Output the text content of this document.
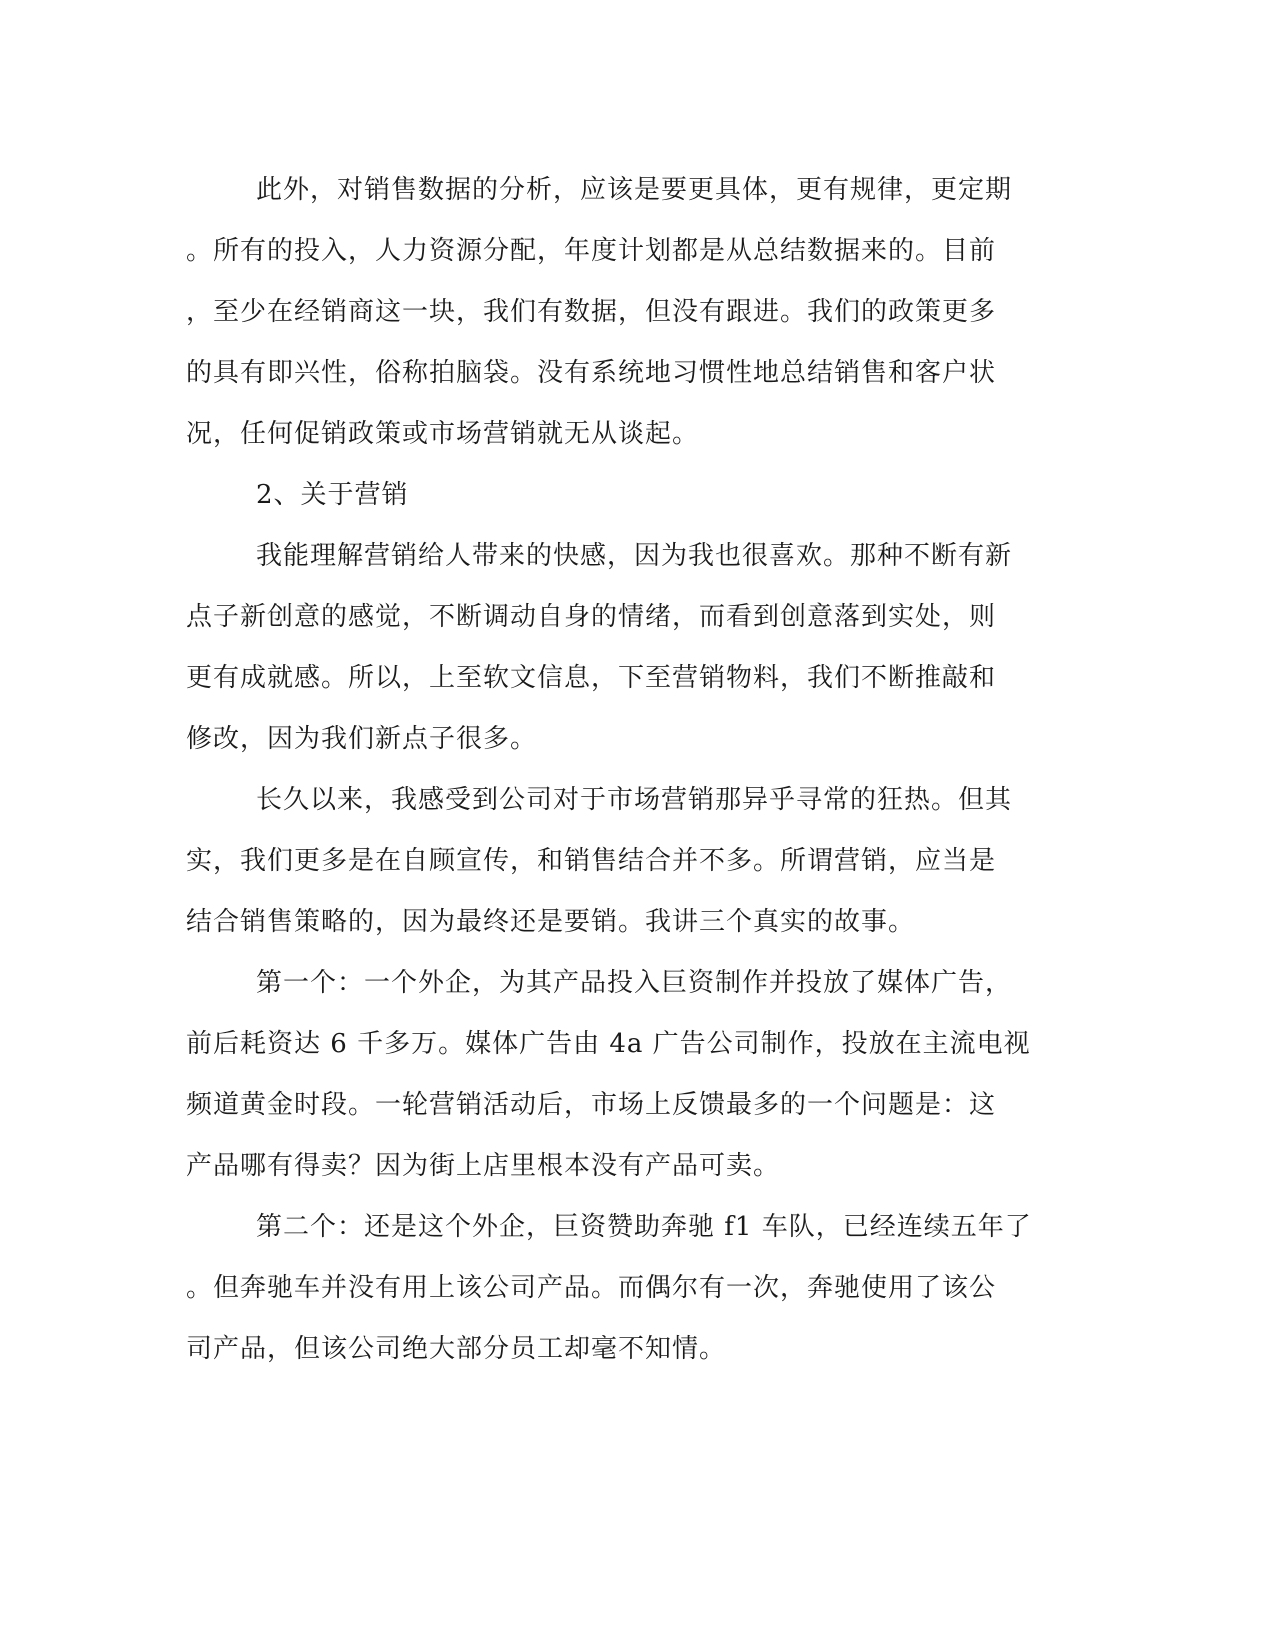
此外，对销售数据的分析，应该是要更具体，更有规律，更定期
。所有的投入，人力资源分配，年度计划都是从总结数据来的。目前
，至少在经销商这一块，我们有数据，但没有跟进。我们的政策更多
的具有即兴性，俗称拍脑袋。没有系统地习惯性地总结销售和客户状
况，任何促销政策或市场营销就无从谈起。
2、关于营销
我能理解营销给人带来的快感，因为我也很喜欢。那种不断有新
点子新创意的感觉，不断调动自身的情绪，而看到创意落到实处，则
更有成就感。所以，上至软文信息，下至营销物料，我们不断推敲和
修改，因为我们新点子很多。
长久以来，我感受到公司对于市场营销那异乎寻常的狂热。但其
实，我们更多是在自顾宣传，和销售结合并不多。所谓营销，应当是
结合销售策略的，因为最终还是要销。我讲三个真实的故事。
第一个：一个外企，为其产品投入巨资制作并投放了媒体广告，
前后耗资达 6 千多万。媒体广告由 4a 广告公司制作，投放在主流电视
频道黄金时段。一轮营销活动后，市场上反馈最多的一个问题是：这
产品哪有得卖？因为街上店里根本没有产品可卖。
第二个：还是这个外企，巨资赞助奔驰 f1 车队，已经连续五年了
。但奔驰车并没有用上该公司产品。而偶尔有一次，奔驰使用了该公
司产品，但该公司绝大部分员工却毫不知情。
